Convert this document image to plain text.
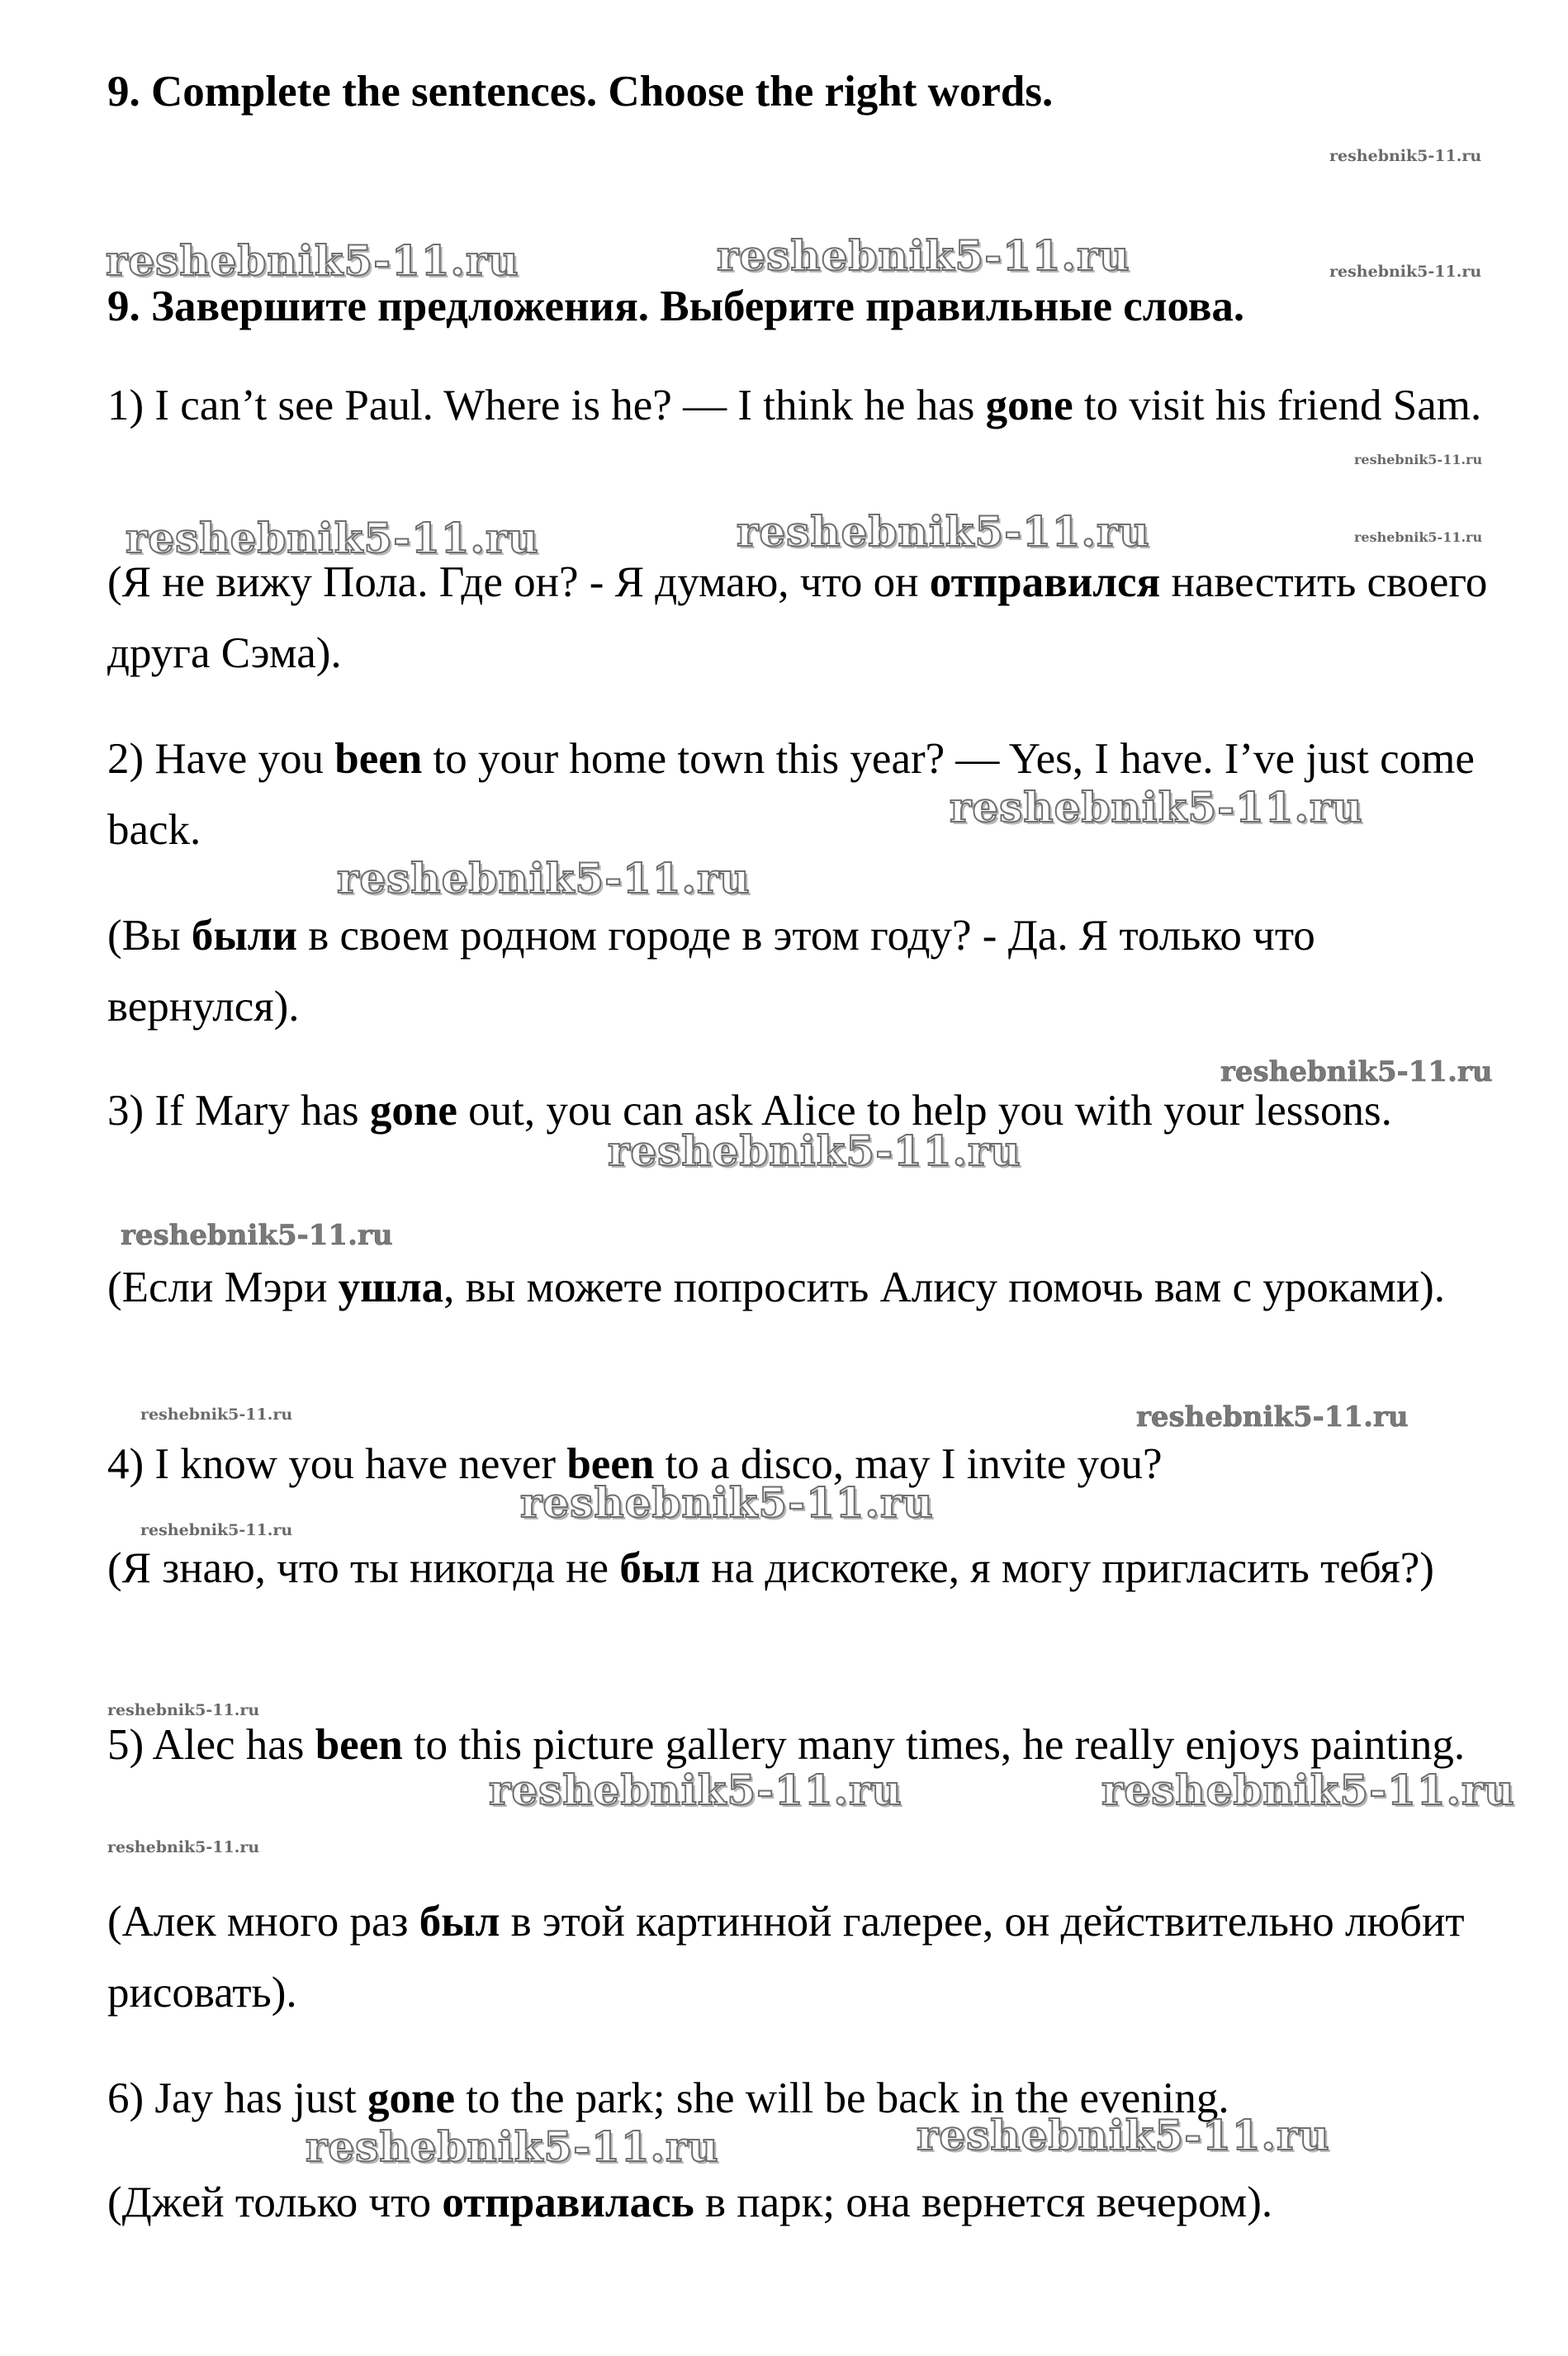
9. Complete the sentences. Choose the right words.
9. Завершите предложения. Выберите правильные слова.

1) I can’t see Paul. Where is he? — I think he has gone to visit his friend Sam.

(Я не вижу Пола. Где он? - Я думаю, что он отправился навестить своего друга Сэма).

2) Have you been to your home town this year? — Yes, I have. I’ve just come back.

(Вы были в своем родном городе в этом году? - Да. Я только что вернулся).

3) If Mary has gone out, you can ask Alice to help you with your lessons.

(Если Мэри ушла, вы можете попросить Алису помочь вам с уроками).

4) I know you have never been to a disco, may I invite you?

(Я знаю, что ты никогда не был на дискотеке, я могу пригласить тебя?)

5) Alec has been to this picture gallery many times, he really enjoys painting.

(Алек много раз был в этой картинной галерее, он действительно любит рисовать).

6) Jay has just gone to the park; she will be back in the evening.

(Джей только что отправилась в парк; она вернется вечером).

reshebnik5-11.ru
reshebnik5-11.ru	reshebnik5-11.ru	reshebnik5-11.ru
reshebnik5-11.ru
reshebnik5-11.ru	reshebnik5-11.ru	reshebnik5-11.ru
reshebnik5-11.ru
reshebnik5-11.ru
reshebnik5-11.ru
reshebnik5-11.ru
reshebnik5-11.ru
reshebnik5-11.ru	reshebnik5-11.ru
reshebnik5-11.ru
reshebnik5-11.ru
reshebnik5-11.ru
reshebnik5-11.ru	reshebnik5-11.ru
reshebnik5-11.ru
reshebnik5-11.ru	reshebnik5-11.ru
